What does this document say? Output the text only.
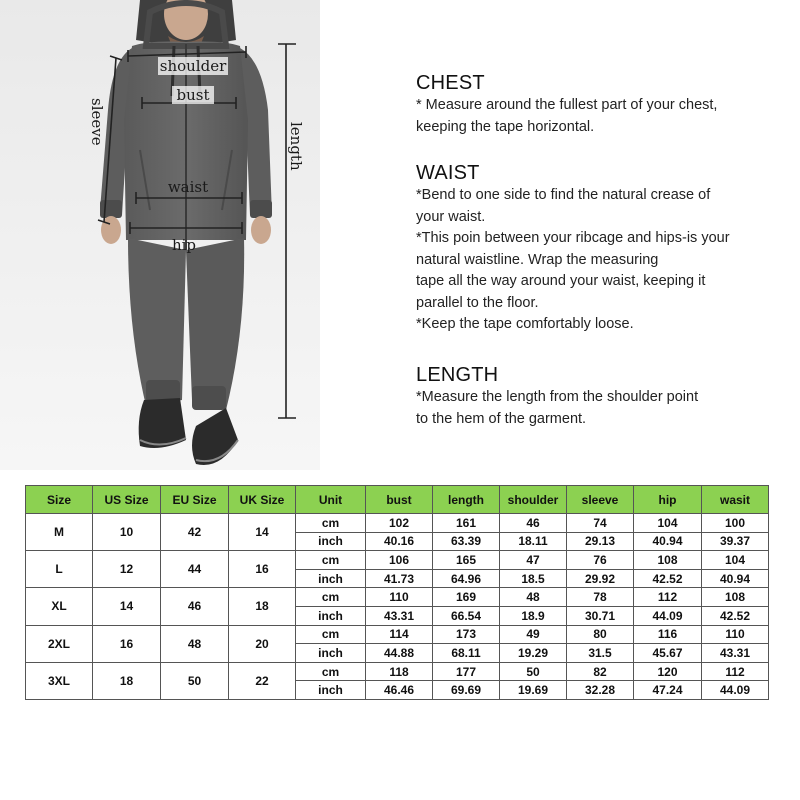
shoulder
bust
sleeve
length
waist
hip
CHEST

* Measure around the fullest part of your chest,

keeping the tape horizontal.

WAIST

*Bend to one side to find the natural crease of

your waist.

*This poin between your ribcage and hips-is your

natural waistline. Wrap the measuring

tape all the way around your waist, keeping it

parallel to the floor.

*Keep the tape comfortably loose.

LENGTH

*Measure the length from the shoulder point

to the hem of the garment.

Size	US Size	EU Size	UK Size	Unit	bust	length	shoulder	sleeve	hip	wasit
M	10	42	14	cm	102	161	46	74	104	100
				inch	40.16	63.39	18.11	29.13	40.94	39.37
L	12	44	16	cm	106	165	47	76	108	104
				inch	41.73	64.96	18.5	29.92	42.52	40.94
XL	14	46	18	cm	110	169	48	78	112	108
				inch	43.31	66.54	18.9	30.71	44.09	42.52
2XL	16	48	20	cm	114	173	49	80	116	110
				inch	44.88	68.11	19.29	31.5	45.67	43.31
3XL	18	50	22	cm	118	177	50	82	120	112
				inch	46.46	69.69	19.69	32.28	47.24	44.09
